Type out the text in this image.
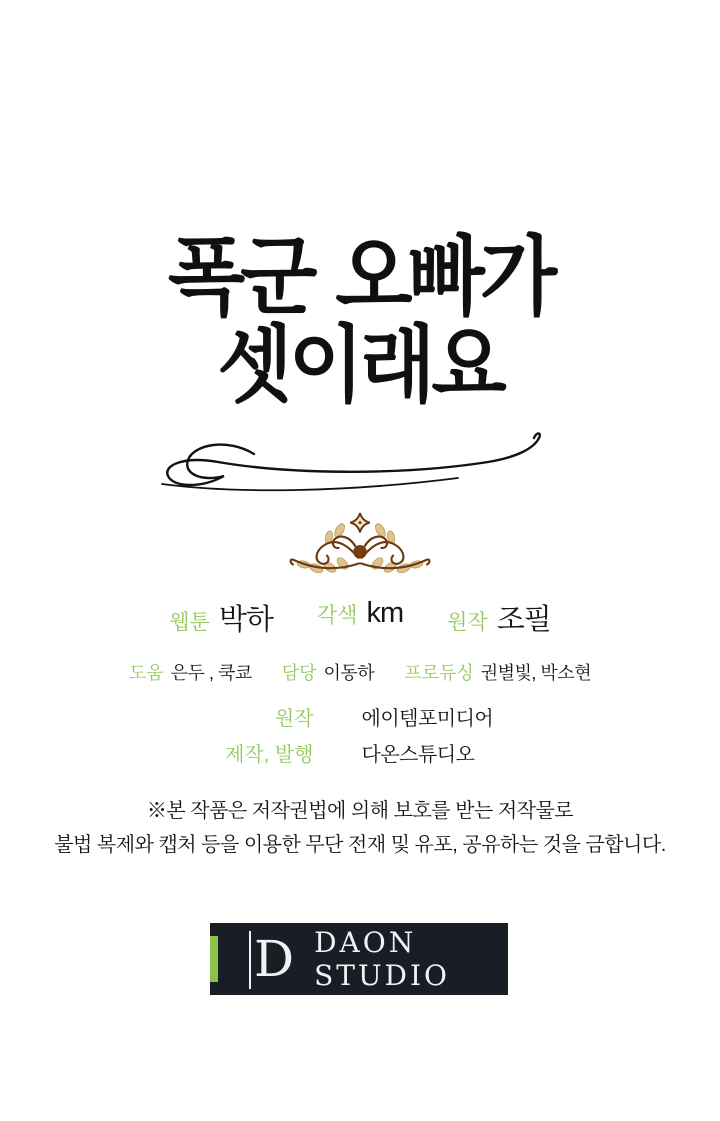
폭군 오빠가
셋이래요
웹툰 박하 각색 km 원작 조필
도움 은두 , 쿡쿄 담당 이동하 프로듀싱 권별빛, 박소현
원작 에이템포미디어
제작, 발행 다온스튜디오
※본 작품은 저작권법에 의해 보호를 받는 저작물로
불법 복제와 캡처 등을 이용한 무단 전재 및 유포, 공유하는 것을 금합니다.
D DAON STUDIO
